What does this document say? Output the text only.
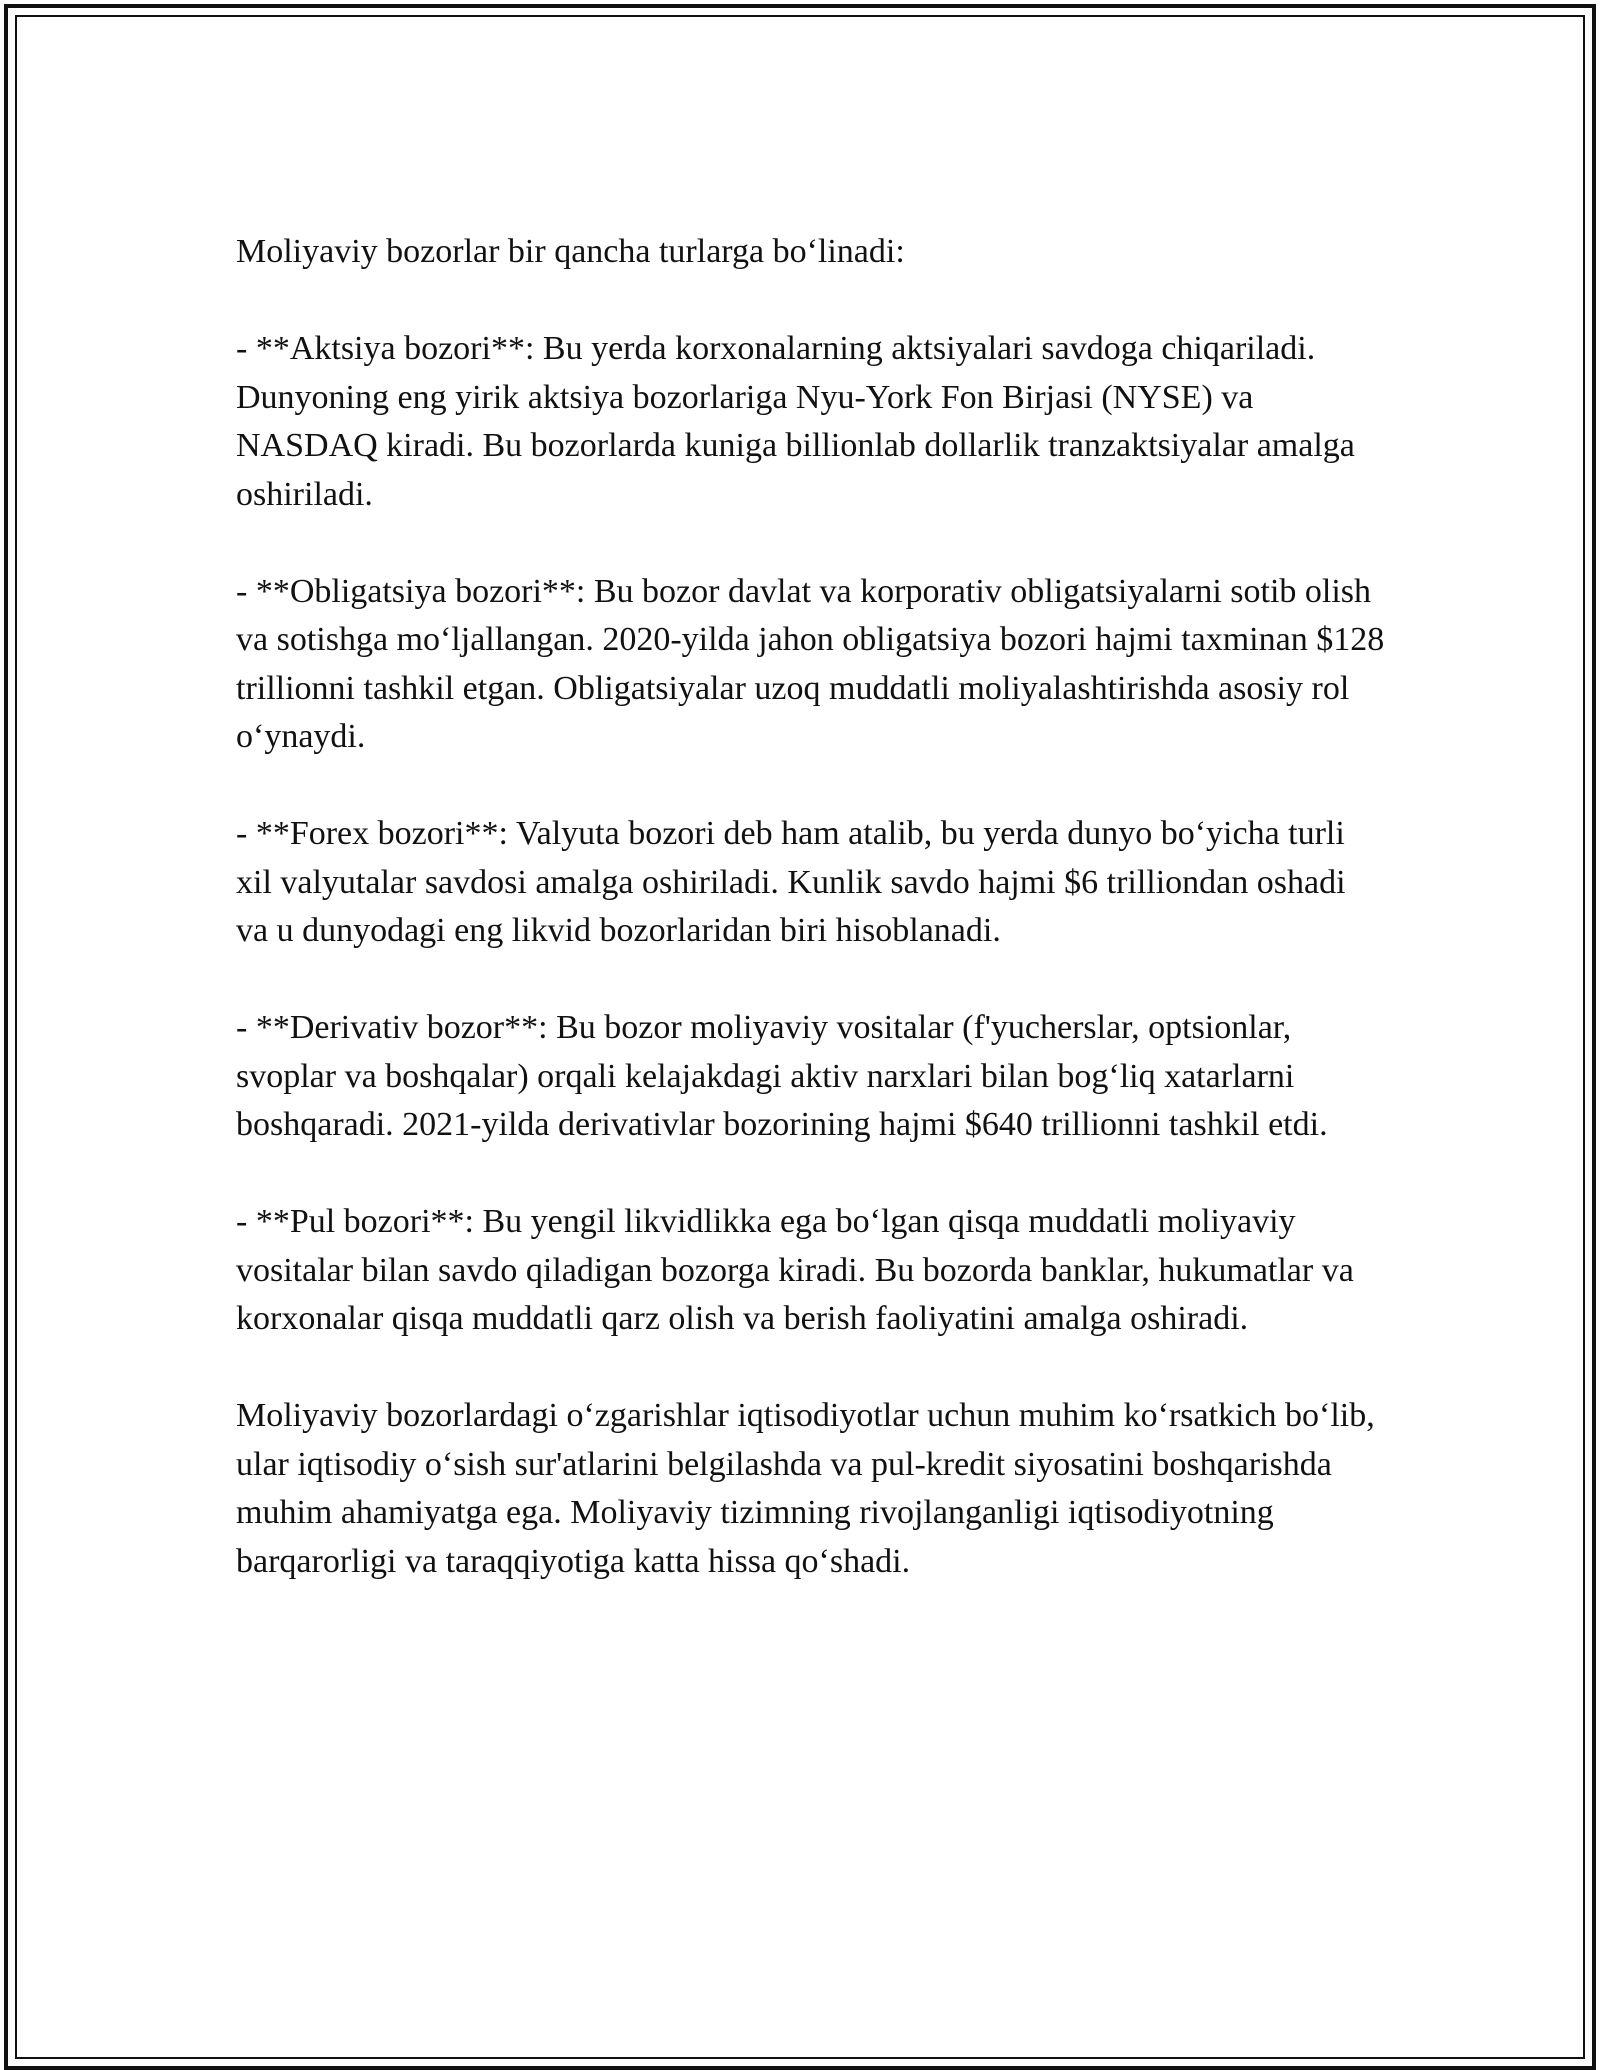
Moliyaviy bozorlar bir qancha turlarga bo‘linadi:

- **Aktsiya bozori**: Bu yerda korxonalarning aktsiyalari savdoga chiqariladi. Dunyoning eng yirik aktsiya bozorlariga Nyu-York Fon Birjasi (NYSE) va NASDAQ kiradi. Bu bozorlarda kuniga billionlab dollarlik tranzaktsiyalar amalga oshiriladi.

- **Obligatsiya bozori**: Bu bozor davlat va korporativ obligatsiyalarni sotib olish va sotishga mo‘ljallangan. 2020-yilda jahon obligatsiya bozori hajmi taxminan $128 trillionni tashkil etgan. Obligatsiyalar uzoq muddatli moliyalashtirishda asosiy rol o‘ynaydi.

- **Forex bozori**: Valyuta bozori deb ham atalib, bu yerda dunyo bo‘yicha turli xil valyutalar savdosi amalga oshiriladi. Kunlik savdo hajmi $6 trilliondan oshadi va u dunyodagi eng likvid bozorlaridan biri hisoblanadi.

- **Derivativ bozor**: Bu bozor moliyaviy vositalar (f'yucherslar, optsionlar, svoplar va boshqalar) orqali kelajakdagi aktiv narxlari bilan bog‘liq xatarlarni boshqaradi. 2021-yilda derivativlar bozorining hajmi $640 trillionni tashkil etdi.

- **Pul bozori**: Bu yengil likvidlikka ega bo‘lgan qisqa muddatli moliyaviy vositalar bilan savdo qiladigan bozorga kiradi. Bu bozorda banklar, hukumatlar va korxonalar qisqa muddatli qarz olish va berish faoliyatini amalga oshiradi.

Moliyaviy bozorlardagi o‘zgarishlar iqtisodiyotlar uchun muhim ko‘rsatkich bo‘lib, ular iqtisodiy o‘sish sur'atlarini belgilashda va pul-kredit siyosatini boshqarishda muhim ahamiyatga ega. Moliyaviy tizimning rivojlanganligi iqtisodiyotning barqarorligi va taraqqiyotiga katta hissa qo‘shadi.
